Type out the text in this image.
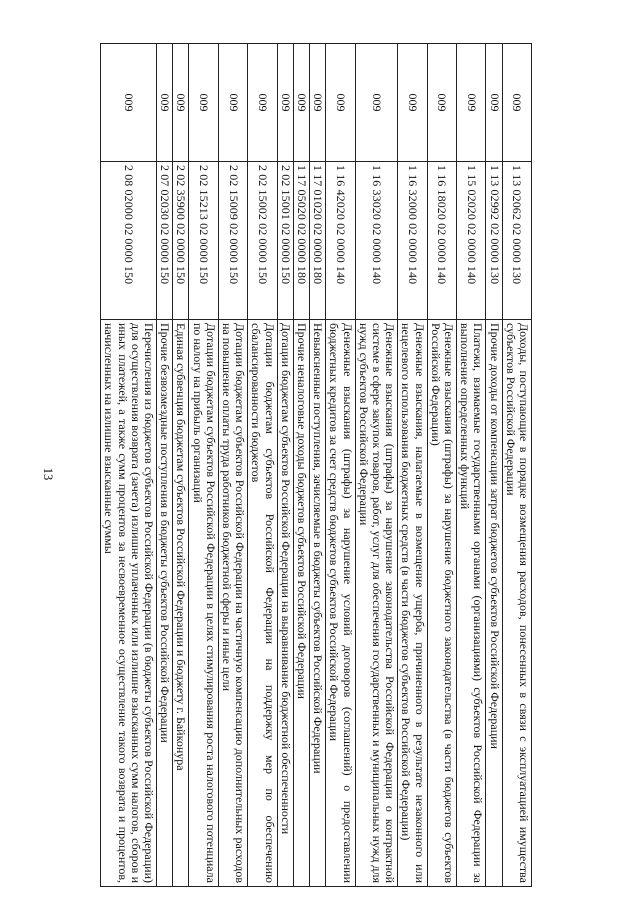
13
009	1 13 02062 02 0000 130	Доходы, поступающие в порядке возмещения расходов, понесенных в связи с эксплуатацией имущества субъектов Российской Федерации
009	1 13 02992 02 0000 130	Прочие доходы от компенсации затрат бюджетов субъектов Российской Федерации
009	1 15 02020 02 0000 140	Платежи, взимаемые государственными органами (организациями) субъектов Российской Федерации за выполнение определенных функций
009	1 16 18020 02 0000 140	Денежные взыскания (штрафы) за нарушение бюджетного законодательства (в части бюджетов субъектов Российской Федерации)
009	1 16 32000 02 0000 140	Денежные взыскания, налагаемые в возмещение ущерба, причиненного в результате незаконного или нецелевого использования бюджетных средств (в части бюджетов субъектов Российской Федерации)
009	1 16 33020 02 0000 140	Денежные взыскания (штрафы) за нарушение законодательства Российской Федерации о контрактной системе в сфере закупок товаров, работ, услуг для обеспечения государственных и муниципальных нужд для нужд субъектов Российской Федерации
009	1 16 42020 02 0000 140	Денежные взыскания (штрафы) за нарушение условий договоров (соглашений) о предоставлении бюджетных кредитов за счет средств бюджетов субъектов Российской Федерации
009	1 17 01020 02 0000 180	Невыясненные поступления, зачисляемые в бюджеты субъектов Российской Федерации
009	1 17 05020 02 0000 180	Прочие неналоговые доходы бюджетов субъектов Российской Федерации
009	2 02 15001 02 0000 150	Дотации бюджетам субъектов Российской Федерации на выравнивание бюджетной обеспеченности
009	2 02 15002 02 0000 150	Дотации бюджетам субъектов Российской Федерации на поддержку мер по обеспечению сбалансированности бюджетов
009	2 02 15009 02 0000 150	Дотации бюджетам субъектов Российской Федерации на частичную компенсацию дополнительных расходов на повышение оплаты труда работников бюджетной сферы и иные цели
009	2 02 15213 02 0000 150	Дотации бюджетам субъектов Российской Федерации в целях стимулирования роста налогового потенциала по налогу на прибыль организаций
009	2 02 35900 02 0000 150	Единая субвенция бюджетам субъектов Российской Федерации и бюджету г. Байконура
009	2 07 02030 02 0000 150	Прочие безвозмездные поступления в бюджеты субъектов Российской Федерации
009	2 08 02000 02 0000 150	Перечисления из бюджетов субъектов Российской Федерации (в бюджеты субъектов Российской Федерации) для осуществления возврата (зачета) излишне уплаченных или излишне взысканных сумм налогов, сборов и иных платежей, а также сумм процентов за несвоевременное осуществление такого возврата и процентов, начисленных на излишне взысканные суммы
